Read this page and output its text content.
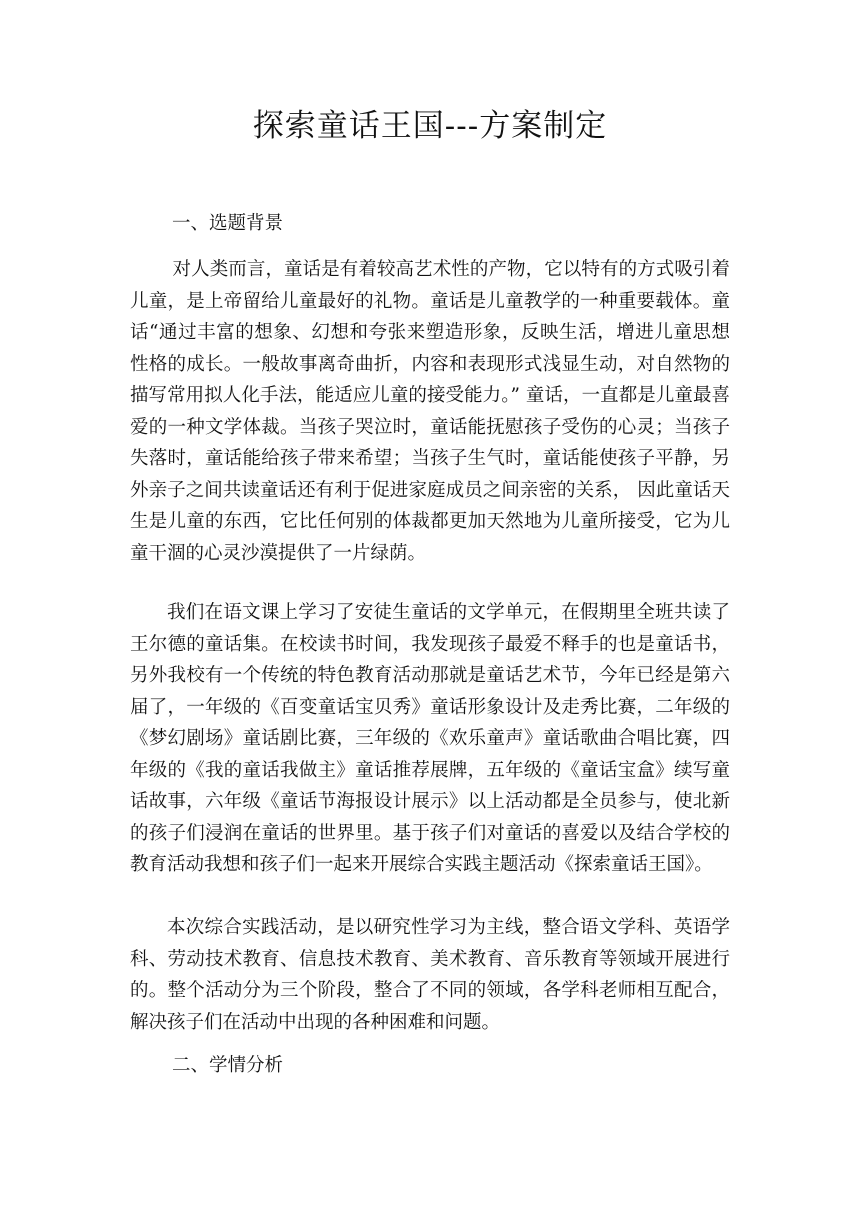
探索童话王国---方案制定
一、选题背景

对人类而言，童话是有着较高艺术性的产物，它以特有的方式吸引着儿童，是上帝留给儿童最好的礼物。童话是儿童教学的一种重要载体。童话“通过丰富的想象、幻想和夸张来塑造形象，反映生活，增进儿童思想性格的成长。一般故事离奇曲折，内容和表现形式浅显生动，对自然物的描写常用拟人化手法，能适应儿童的接受能力。” 童话，一直都是儿童最喜爱的一种文学体裁。当孩子哭泣时，童话能抚慰孩子受伤的心灵；当孩子失落时，童话能给孩子带来希望；当孩子生气时，童话能使孩子平静，另外亲子之间共读童话还有利于促进家庭成员之间亲密的关系， 因此童话天生是儿童的东西，它比任何别的体裁都更加天然地为儿童所接受，它为儿童干涸的心灵沙漠提供了一片绿荫。

我们在语文课上学习了安徒生童话的文学单元，在假期里全班共读了王尔德的童话集。在校读书时间，我发现孩子最爱不释手的也是童话书，另外我校有一个传统的特色教育活动那就是童话艺术节，今年已经是第六届了，一年级的《百变童话宝贝秀》童话形象设计及走秀比赛，二年级的《梦幻剧场》童话剧比赛，三年级的《欢乐童声》童话歌曲合唱比赛，四年级的《我的童话我做主》童话推荐展牌，五年级的《童话宝盒》续写童话故事，六年级《童话节海报设计展示》以上活动都是全员参与，使北新的孩子们浸润在童话的世界里。基于孩子们对童话的喜爱以及结合学校的教育活动我想和孩子们一起来开展综合实践主题活动《探索童话王国》。

本次综合实践活动，是以研究性学习为主线，整合语文学科、英语学科、劳动技术教育、信息技术教育、美术教育、音乐教育等领域开展进行的。整个活动分为三个阶段，整合了不同的领域，各学科老师相互配合，解决孩子们在活动中出现的各种困难和问题。

二、学情分析
